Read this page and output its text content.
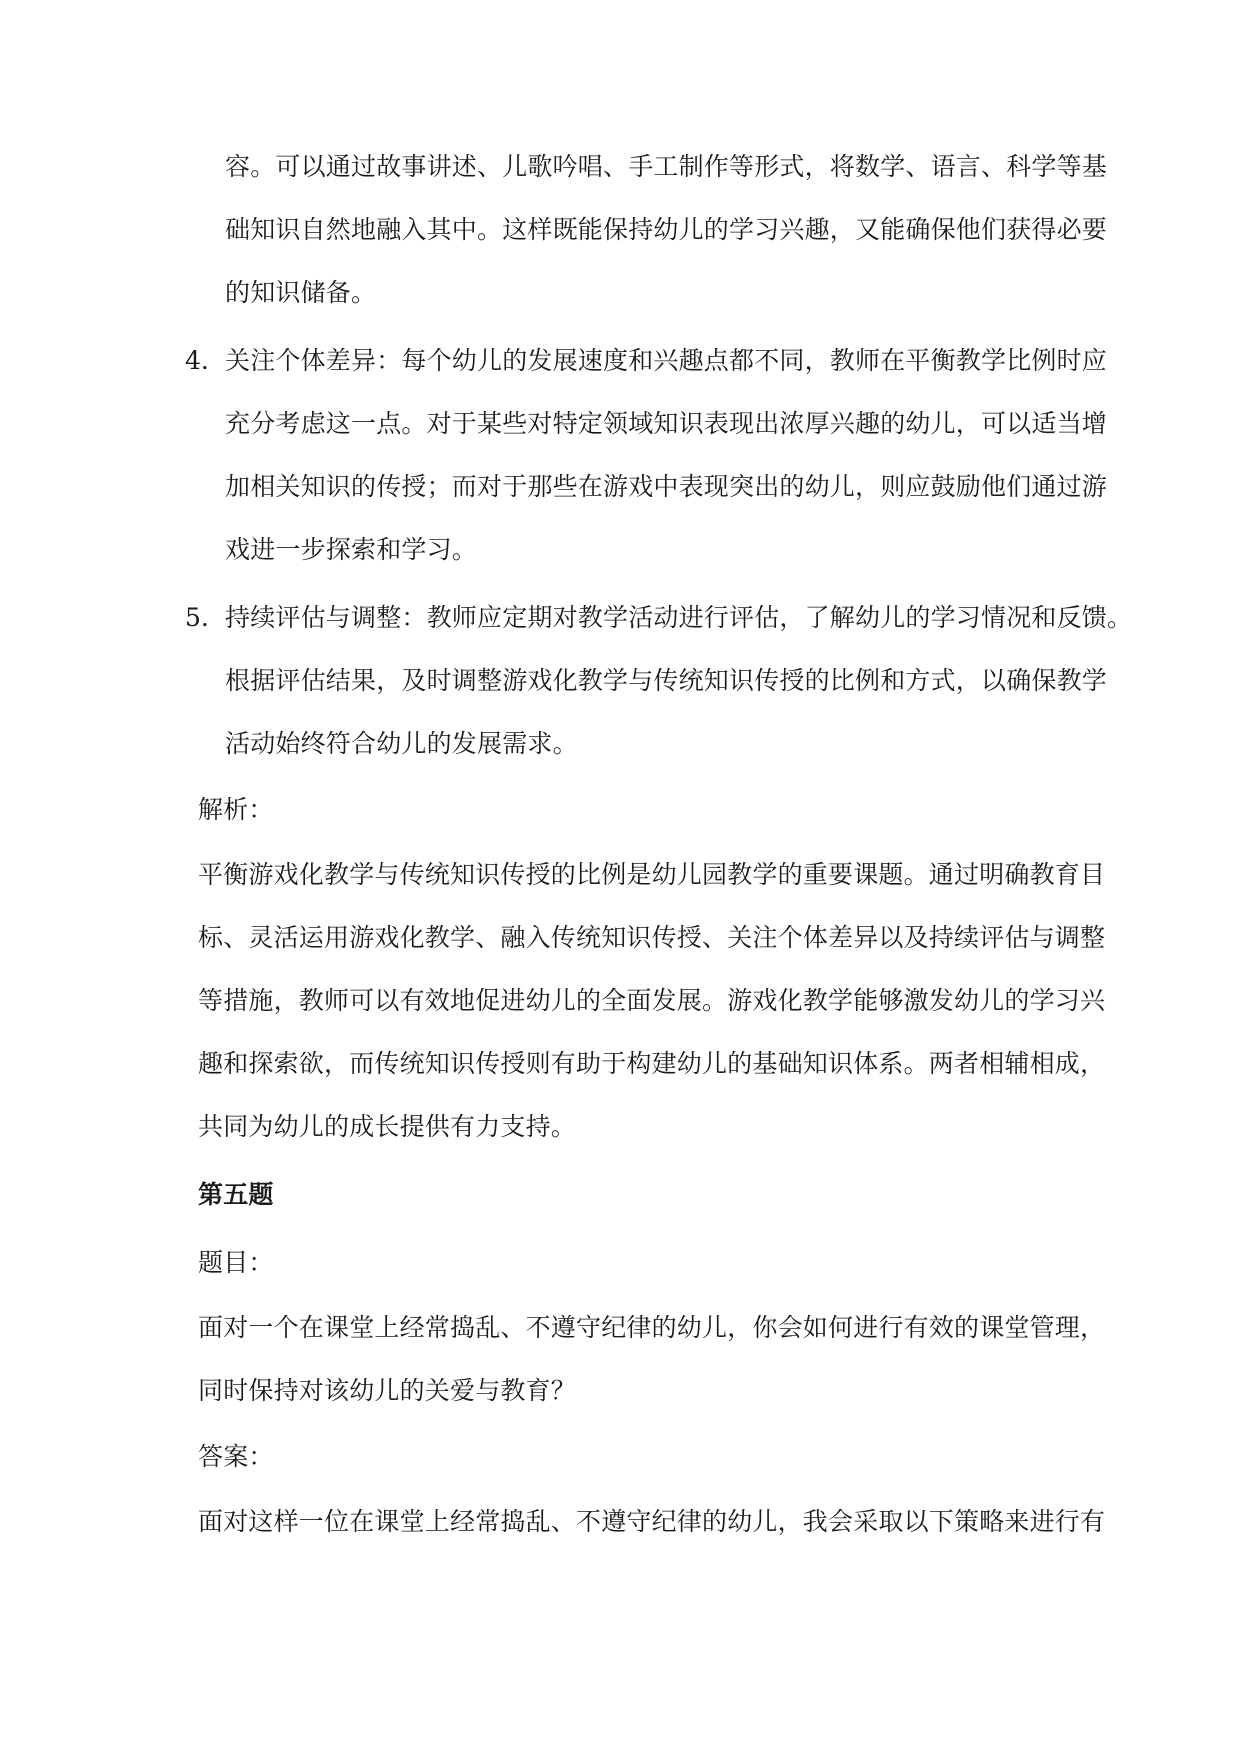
容。可以通过故事讲述、儿歌吟唱、手工制作等形式，将数学、语言、科学等基
础知识自然地融入其中。这样既能保持幼儿的学习兴趣，又能确保他们获得必要
的知识储备。
4. 关注个体差异：每个幼儿的发展速度和兴趣点都不同，教师在平衡教学比例时应
充分考虑这一点。对于某些对特定领域知识表现出浓厚兴趣的幼儿，可以适当增
加相关知识的传授；而对于那些在游戏中表现突出的幼儿，则应鼓励他们通过游
戏进一步探索和学习。
5. 持续评估与调整：教师应定期对教学活动进行评估，了解幼儿的学习情况和反馈。
根据评估结果，及时调整游戏化教学与传统知识传授的比例和方式，以确保教学
活动始终符合幼儿的发展需求。
解析：
平衡游戏化教学与传统知识传授的比例是幼儿园教学的重要课题。通过明确教育目
标、灵活运用游戏化教学、融入传统知识传授、关注个体差异以及持续评估与调整
等措施，教师可以有效地促进幼儿的全面发展。游戏化教学能够激发幼儿的学习兴
趣和探索欲，而传统知识传授则有助于构建幼儿的基础知识体系。两者相辅相成，
共同为幼儿的成长提供有力支持。
第五题
题目：
面对一个在课堂上经常捣乱、不遵守纪律的幼儿，你会如何进行有效的课堂管理，
同时保持对该幼儿的关爱与教育？
答案：
面对这样一位在课堂上经常捣乱、不遵守纪律的幼儿，我会采取以下策略来进行有
